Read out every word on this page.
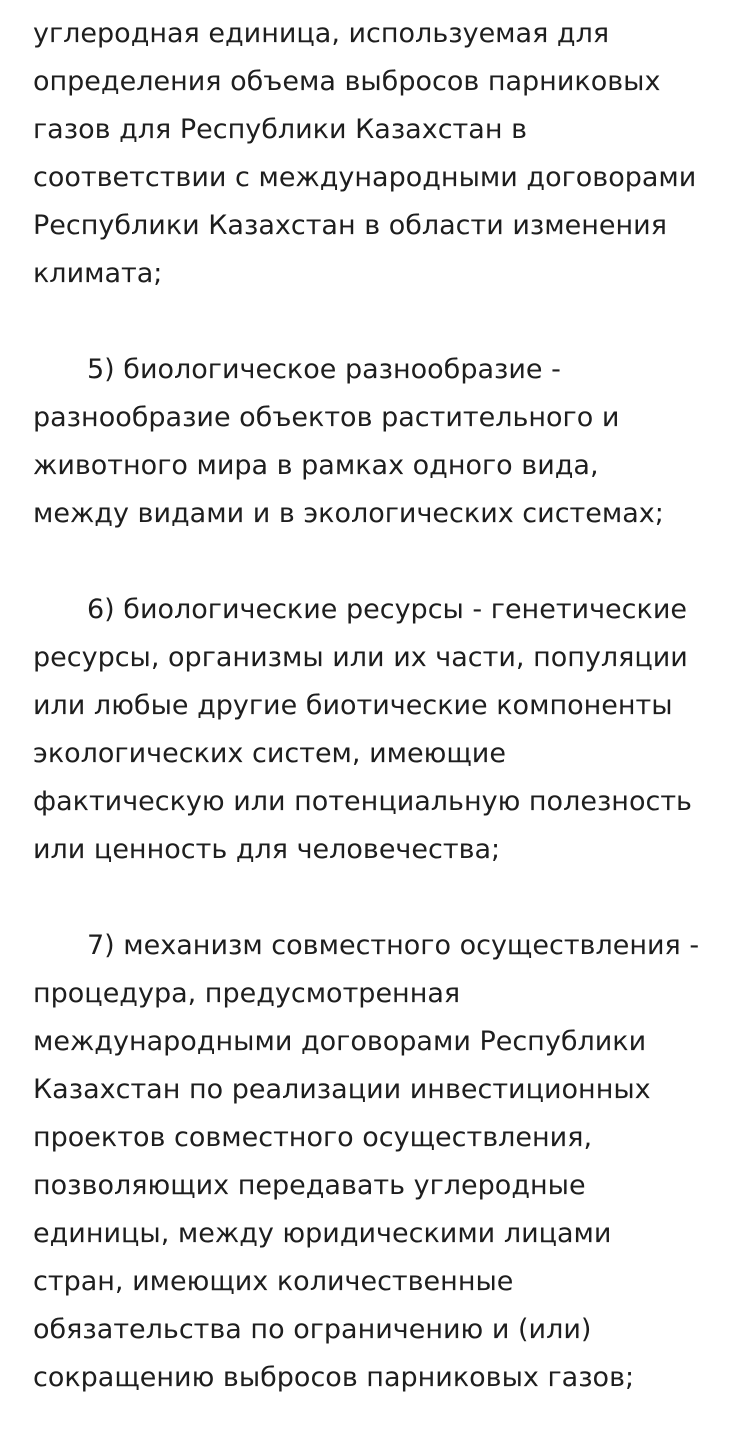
углеродная единица, используемая для
определения объема выбросов парниковых
газов для Республики Казахстан в
соответствии с международными договорами
Республики Казахстан в области изменения
климата;

5) биологическое разнообразие -
разнообразие объектов растительного и
животного мира в рамках одного вида,
между видами и в экологических системах;

6) биологические ресурсы - генетические
ресурсы, организмы или их части, популяции
или любые другие биотические компоненты
экологических систем, имеющие
фактическую или потенциальную полезность
или ценность для человечества;

7) механизм совместного осуществления -
процедура, предусмотренная
международными договорами Республики
Казахстан по реализации инвестиционных
проектов совместного осуществления,
позволяющих передавать углеродные
единицы, между юридическими лицами
стран, имеющих количественные
обязательства по ограничению и (или)
сокращению выбросов парниковых газов;
